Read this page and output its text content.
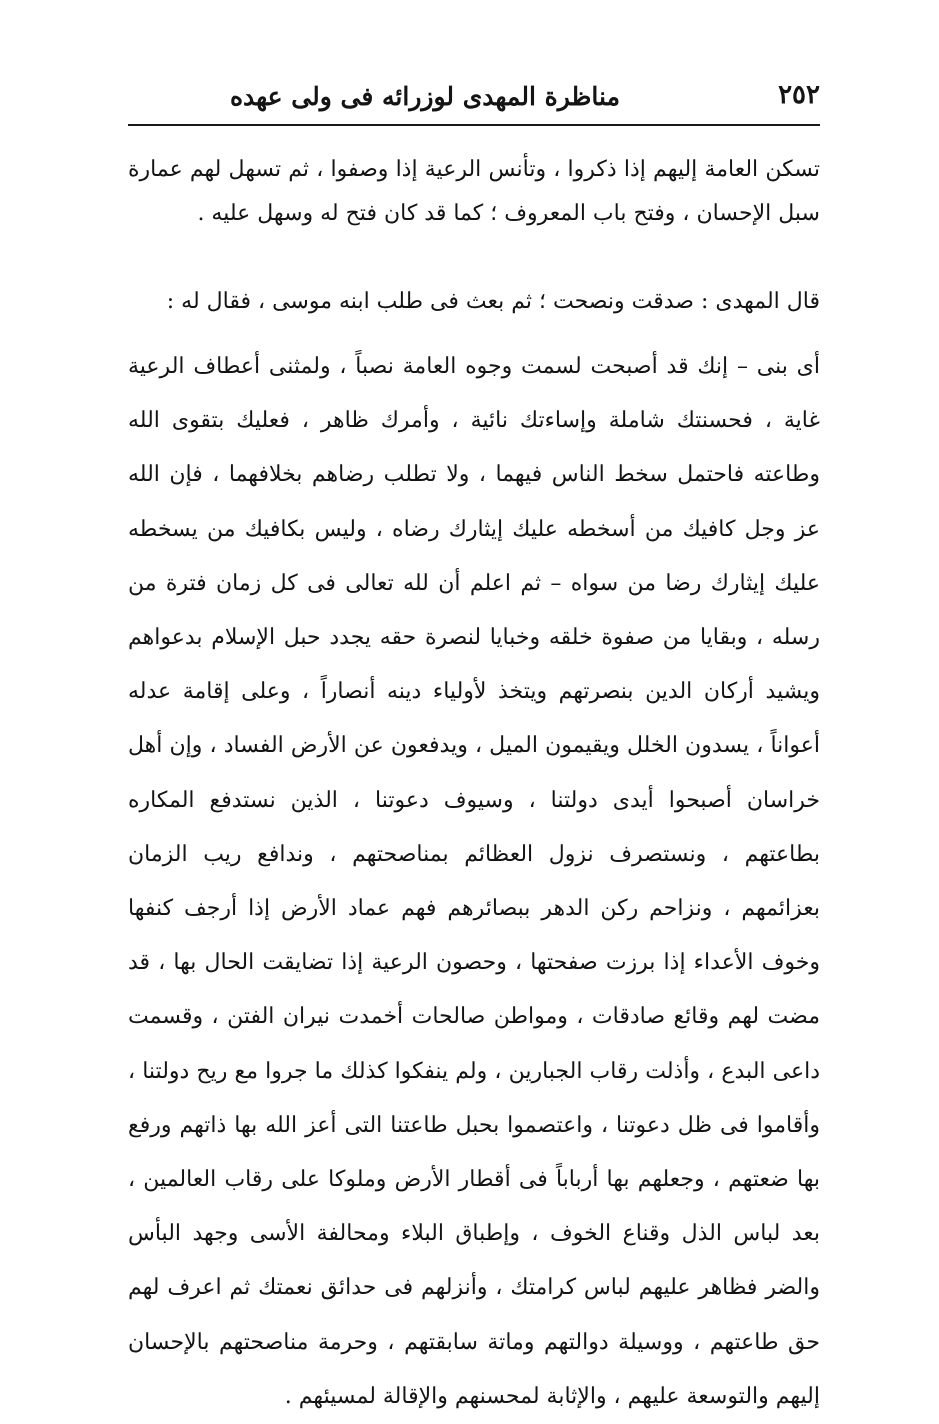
٢٥٢
مناظرة المهدى لوزرائه فى ولى عهده

تسكن العامة إليهم إذا ذكروا ، وتأنس الرعية إذا وصفوا ، ثم تسهل لهم عمارة سبل الإحسان ، وفتح باب المعروف ؛ كما قد كان فتح له وسهل عليه .

قال المهدى : صدقت ونصحت ؛ ثم بعث فى طلب ابنه موسى ، فقال له :

أى بنى – إنك قد أصبحت لسمت وجوه العامة نصباً ، ولمثنى أعطاف الرعية غاية ، فحسنتك شاملة وإساءتك نائية ، وأمرك ظاهر ، فعليك بتقوى الله وطاعته فاحتمل سخط الناس فيهما ، ولا تطلب رضاهم بخلافهما ، فإن الله عز وجل كافيك من أسخطه عليك إيثارك رضاه ، وليس بكافيك من يسخطه عليك إيثارك رضا من سواه – ثم اعلم أن لله تعالى فى كل زمان فترة من رسله ، وبقايا من صفوة خلقه وخبايا لنصرة حقه يجدد حبل الإسلام بدعواهم ويشيد أركان الدين بنصرتهم ويتخذ لأولياء دينه أنصاراً ، وعلى إقامة عدله أعواناً ، يسدون الخلل ويقيمون الميل ، ويدفعون عن الأرض الفساد ، وإن أهل خراسان أصبحوا أيدى دولتنا ، وسيوف دعوتنا ، الذين نستدفع المكاره بطاعتهم ، ونستصرف نزول العظائم بمناصحتهم ، وندافع ريب الزمان بعزائمهم ، ونزاحم ركن الدهر ببصائرهم فهم عماد الأرض إذا أرجف كنفها وخوف الأعداء إذا برزت صفحتها ، وحصون الرعية إذا تضايقت الحال بها ، قد مضت لهم وقائع صادقات ، ومواطن صالحات أخمدت نيران الفتن ، وقسمت داعى البدع ، وأذلت رقاب الجبارين ، ولم ينفكوا كذلك ما جروا مع ريح دولتنا ، وأقاموا فى ظل دعوتنا ، واعتصموا بحبل طاعتنا التى أعز الله بها ذاتهم ورفع بها ضعتهم ، وجعلهم بها أرباباً فى أقطار الأرض وملوكا على رقاب العالمين ، بعد لباس الذل وقناع الخوف ، وإطباق البلاء ومحالفة الأسى وجهد البأس والضر فظاهر عليهم لباس كرامتك ، وأنزلهم فى حدائق نعمتك ثم اعرف لهم حق طاعتهم ، ووسيلة دوالتهم وماتة سابقتهم ، وحرمة مناصحتهم بالإحسان إليهم والتوسعة عليهم ، والإثابة لمحسنهم والإقالة لمسيئهم .
